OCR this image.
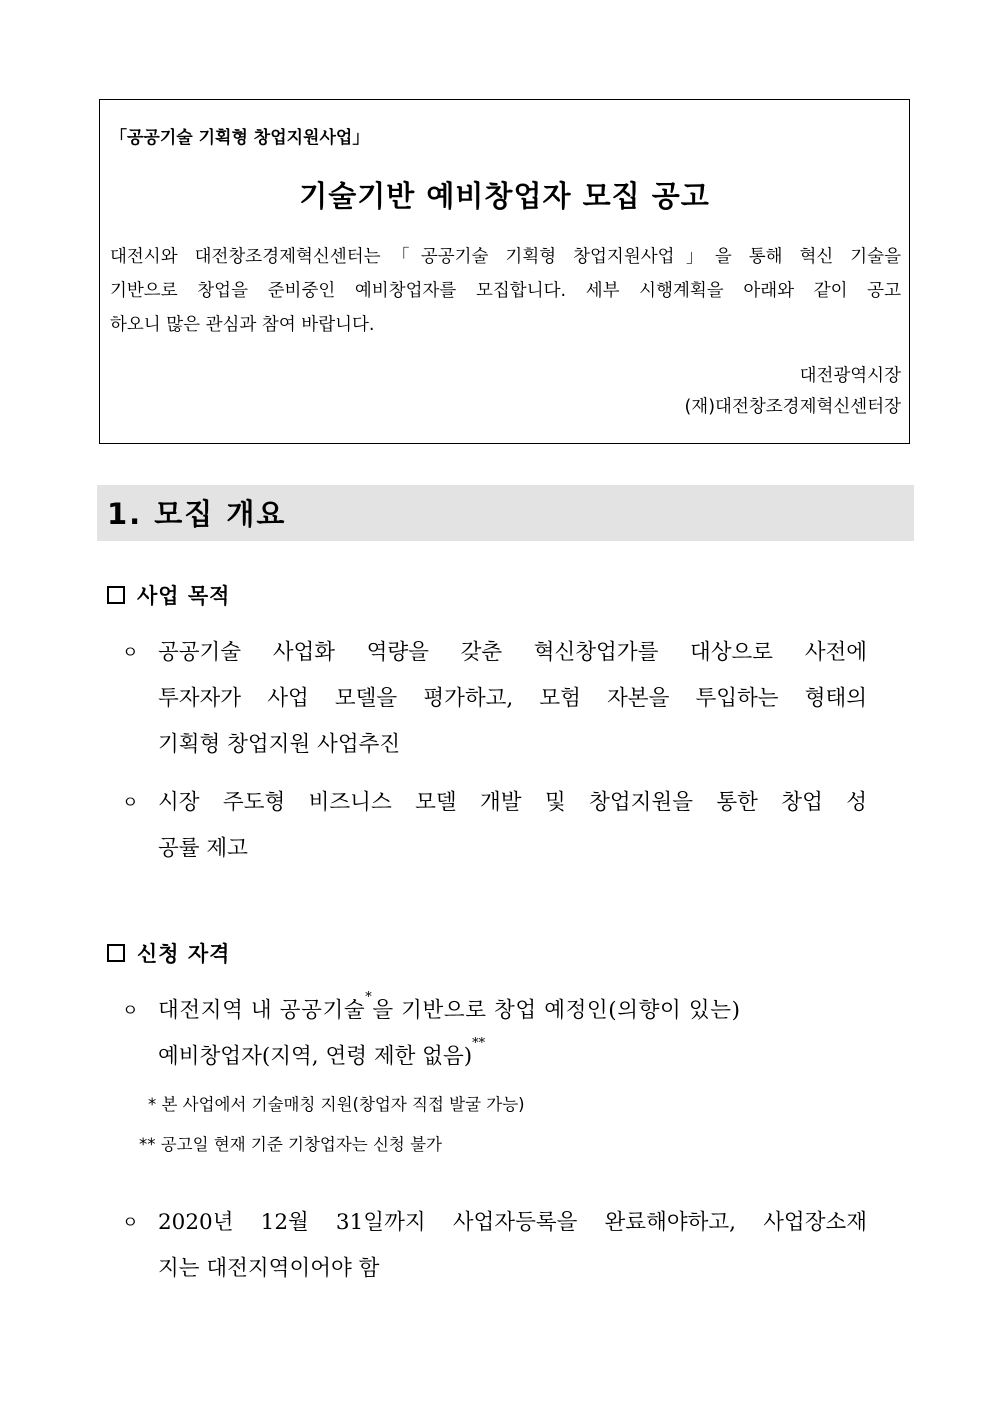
「공공기술 기획형 창업지원사업」
기술기반 예비창업자 모집 공고
대전시와 대전창조경제혁신센터는「공공기술 기획형 창업지원사업」을 통해 혁신 기술을
기반으로 창업을 준비중인 예비창업자를 모집합니다. 세부 시행계획을 아래와 같이 공고
하오니 많은 관심과 참여 바랍니다.
대전광역시장
(재)대전창조경제혁신센터장
1. 모집 개요
사업 목적
ㅇ 공공기술 사업화 역량을 갖춘 혁신창업가를 대상으로 사전에
투자자가 사업 모델을 평가하고, 모험 자본을 투입하는 형태의
기획형 창업지원 사업추진
ㅇ 시장 주도형 비즈니스 모델 개발 및 창업지원을 통한 창업 성
공률 제고
신청 자격
ㅇ 대전지역 내 공공기술*을 기반으로 창업 예정인(의향이 있는)
예비창업자(지역, 연령 제한 없음)**
* 본 사업에서 기술매칭 지원(창업자 직접 발굴 가능)
** 공고일 현재 기준 기창업자는 신청 불가
ㅇ 2020년 12월 31일까지 사업자등록을 완료해야하고, 사업장소재
지는 대전지역이어야 함
